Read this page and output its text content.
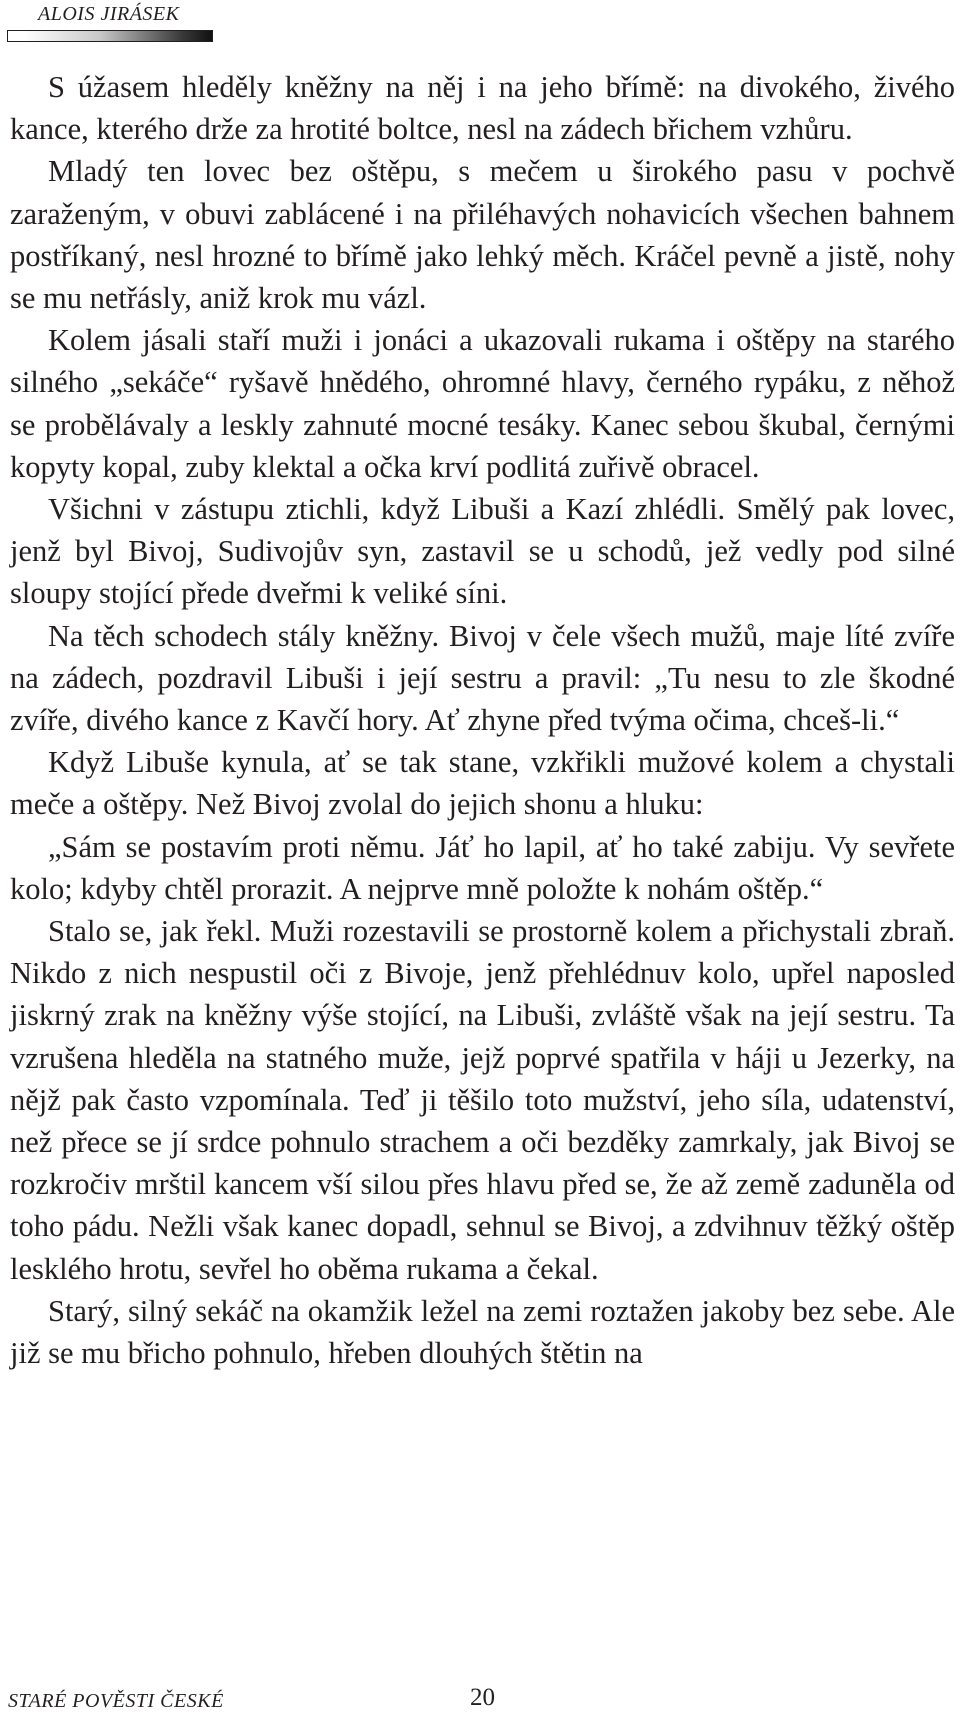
ALOIS JIRÁSEK

S úžasem hleděly kněžny na něj i na jeho břímě: na divokého, živého kance, kterého drže za hrotité boltce, nesl na zádech břichem vzhůru.

Mladý ten lovec bez oštěpu, s mečem u širokého pasu v pochvě zaraženým, v obuvi zablácené i na přiléhavých nohavicích všechen bahnem postříkaný, nesl hrozné to břímě jako lehký měch. Kráčel pevně a jistě, nohy se mu netřásly, aniž krok mu vázl.

Kolem jásali staří muži i jonáci a ukazovali rukama i oštěpy na starého silného „sekáče“ ryšavě hnědého, ohromné hlavy, černého rypáku, z něhož se probělávaly a leskly zahnuté mocné tesáky. Kanec sebou škubal, černými kopyty kopal, zuby klektal a očka krví podlitá zuřivě obracel.

Všichni v zástupu ztichli, když Libuši a Kazí zhlédli. Smělý pak lovec, jenž byl Bivoj, Sudivojův syn, zastavil se u schodů, jež vedly pod silné sloupy stojící přede dveřmi k veliké síni.

Na těch schodech stály kněžny. Bivoj v čele všech mužů, maje líté zvíře na zádech, pozdravil Libuši i její sestru a pravil: „Tu nesu to zle škodné zvíře, divého kance z Kavčí hory. Ať zhyne před tvýma očima, chceš-li.“

Když Libuše kynula, ať se tak stane, vzkřikli mužové kolem a chystali meče a oštěpy. Než Bivoj zvolal do jejich shonu a hluku:

„Sám se postavím proti němu. Jáť ho lapil, ať ho také zabiju. Vy sevřete kolo; kdyby chtěl prorazit. A nejprve mně položte k nohám oštěp.“

Stalo se, jak řekl. Muži rozestavili se prostorně kolem a přichystali zbraň. Nikdo z nich nespustil oči z Bivoje, jenž přehlédnuv kolo, upřel naposled jiskrný zrak na kněžny výše stojící, na Libuši, zvláště však na její sestru. Ta vzrušena hleděla na statného muže, jejž poprvé spatřila v háji u Jezerky, na nějž pak často vzpomínala. Teď ji těšilo toto mužství, jeho síla, udatenství, než přece se jí srdce pohnulo strachem a oči bezděky zamrkaly, jak Bivoj se rozkročiv mrštil kancem vší silou přes hlavu před se, že až země zaduněla od toho pádu. Nežli však kanec dopadl, sehnul se Bivoj, a zdvihnuv těžký oštěp lesklého hrotu, sevřel ho oběma rukama a čekal.

Starý, silný sekáč na okamžik ležel na zemi roztažen jakoby bez sebe. Ale již se mu břicho pohnulo, hřeben dlouhých štětin na

STARÉ POVĚSTI ČESKÉ	20
